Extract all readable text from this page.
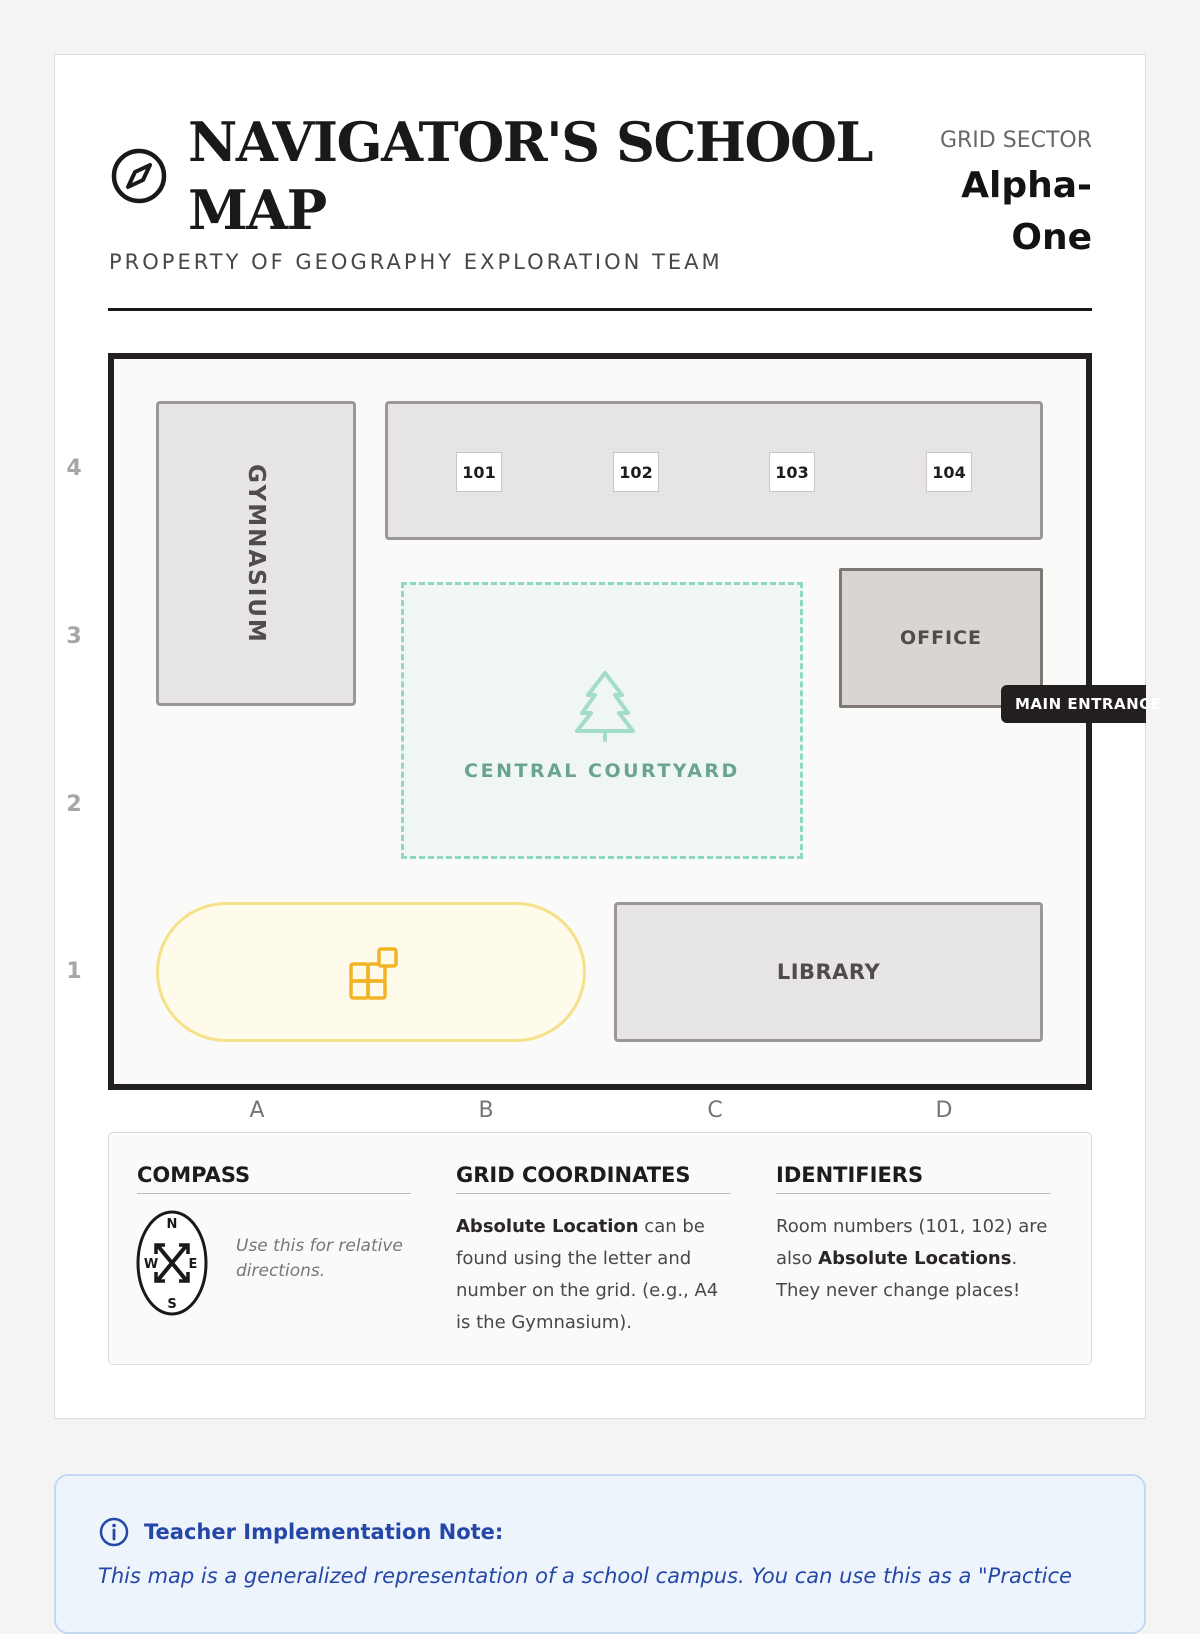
NAVIGATOR'S SCHOOL MAP
PROPERTY OF GEOGRAPHY EXPLORATION TEAM
GRID SECTOR
Alpha-One
GYMNASIUM	101	102	103	104
CENTRAL COURTYARD
OFFICE
LIBRARY
MAIN ENTRANCE
4
3
2
1
A	B	C	D
COMPASS
N
S
W E
Use this for relative directions.
GRID COORDINATES
Absolute Location can be found using the letter and number on the grid. (e.g., A4 is the Gymnasium).
IDENTIFIERS
Room numbers (101, 102) are also Absolute Locations. They never change places!
Teacher Implementation Note:
This map is a generalized representation of a school campus. You can use this as a "Practice
